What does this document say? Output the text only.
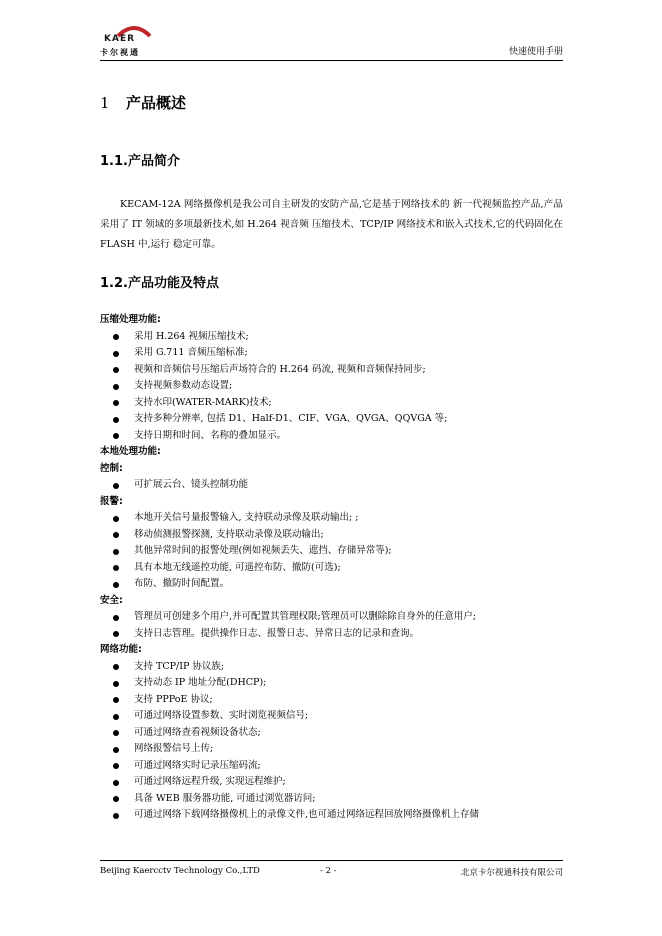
KAER
卡尔视通	快速使用手册
1 产品概述
1.1.产品简介
KECAM-12A 网络摄像机是我公司自主研发的安防产品,它是基于网络技术的 新一代视频监控产品,产品采用了 IT 领域的多项最新技术,如 H.264 视音频 压缩技术、TCP/IP 网络技术和嵌入式技术,它的代码固化在 FLASH 中,运行 稳定可靠。
1.2.产品功能及特点
压缩处理功能:
采用 H.264 视频压缩技术;
采用 G.711 音频压缩标准;
视频和音频信号压缩后声场符合的 H.264 码流, 视频和音频保持同步;
支持视频参数动态设置;
支持水印(WATER-MARK)技术;
支持多种分辨率, 包括 D1、Half-D1、CIF、VGA、QVGA、QQVGA 等;
支持日期和时间、名称的叠加显示。
本地处理功能:
控制:
可扩展云台、镜头控制功能
报警:
本地开关信号量报警输入, 支持联动录像及联动输出; ;
移动侦测报警探测, 支持联动录像及联动输出;
其他异常时间的报警处理(例如视频丢失、遮挡、存储异常等);
具有本地无线遥控功能, 可遥控布防、撤防(可选);
布防、撤防时间配置。
安全:
管理员可创建多个用户,并可配置其管理权限;管理员可以删除除自身外的任意用户;
支持日志管理。提供操作日志、报警日志、异常日志的记录和查询。
网络功能:
支持 TCP/IP 协议族;
支持动态 IP 地址分配(DHCP);
支持 PPPoE 协议;
可通过网络设置参数、实时浏览视频信号;
可通过网络查看视频设备状态;
网络报警信号上传;
可通过网络实时记录压缩码流;
可通过网络远程升级, 实现远程维护;
具备 WEB 服务器功能, 可通过浏览器访问;
可通过网络下载网络摄像机上的录像文件,也可通过网络远程回放网络摄像机上存储
Beijing Kaercctv Technology Co.,LTD	- 2 -	北京卡尔视通科技有限公司
